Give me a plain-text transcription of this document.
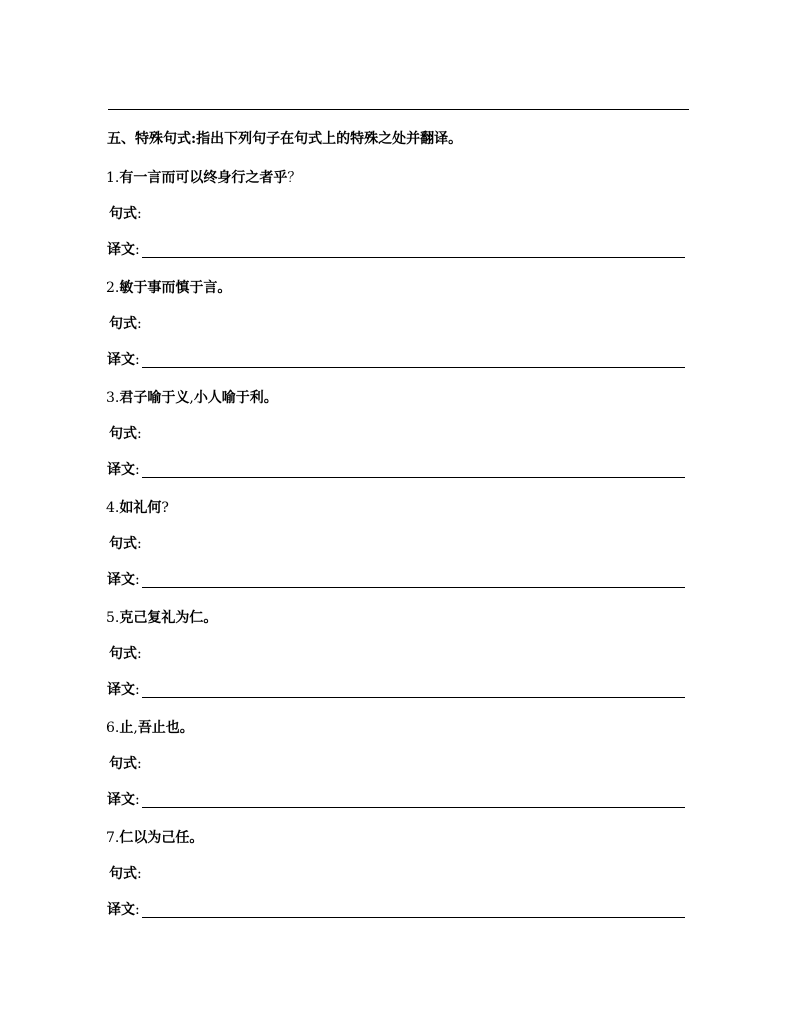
五、特殊句式:指出下列句子在句式上的特殊之处并翻译。
1.有一言而可以终身行之者乎？
句式:
译文:
2.敏于事而慎于言。
句式:
译文:
3.君子喻于义,小人喻于利。
句式:
译文:
4.如礼何?
句式:
译文:
5.克己复礼为仁。
句式:
译文:
6.止,吾止也。
句式:
译文:
7.仁以为己任。
句式:
译文:
